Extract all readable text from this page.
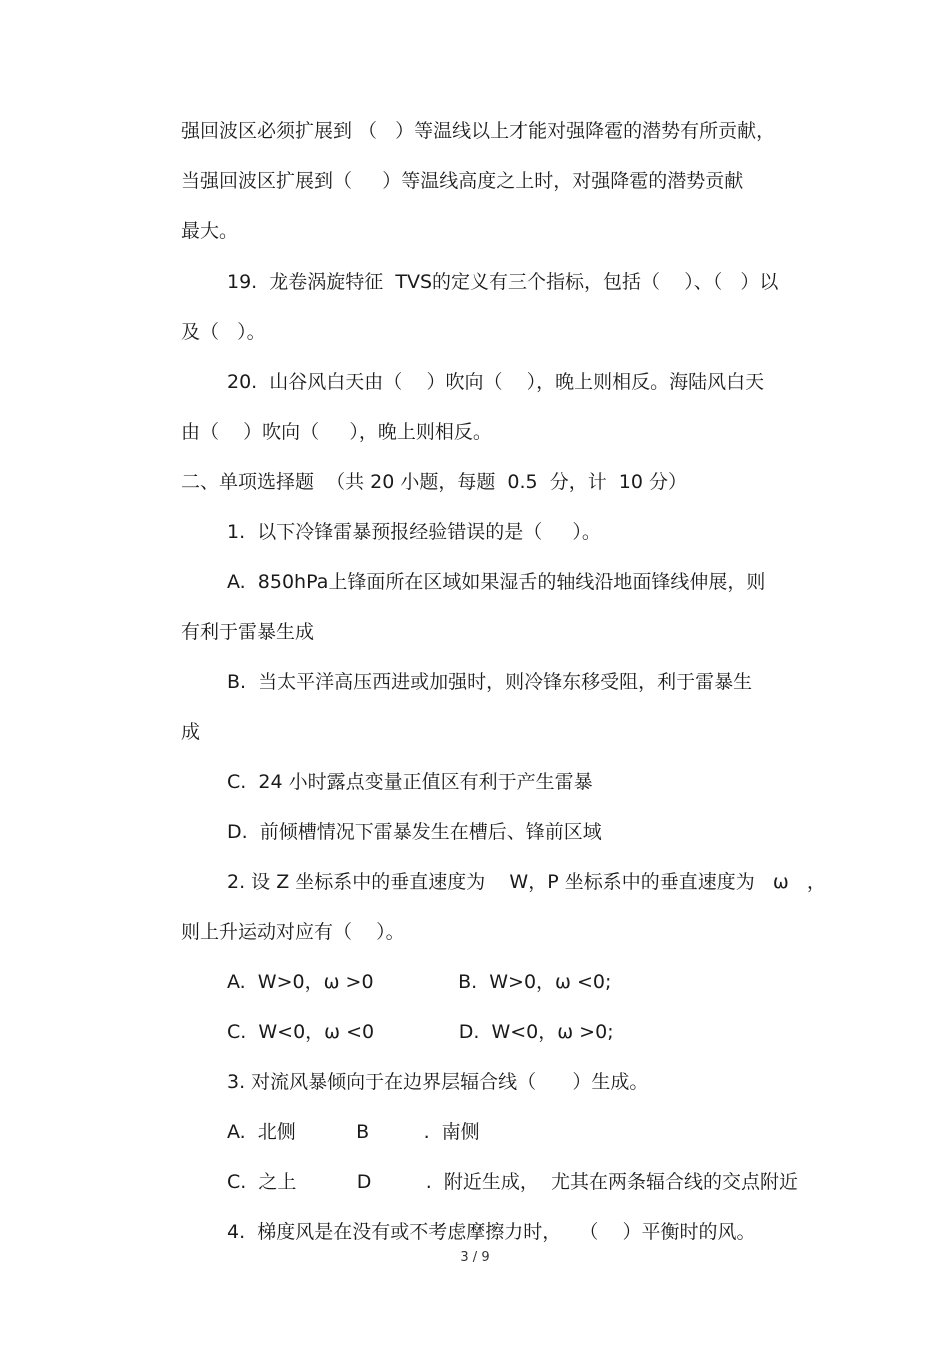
强回波区必须扩展到 （   ）等温线以上才能对强降雹的潜势有所贡献，
当强回波区扩展到（     ）等温线高度之上时，对强降雹的潜势贡献
最大。
19.  龙卷涡旋特征  TVS的定义有三个指标，包括（    ）、（   ）以
及（   ）。
20.  山谷风白天由（    ）吹向（    ），晚上则相反。海陆风白天
由（    ）吹向（     ），晚上则相反。
二、单项选择题  （共 20 小题，每题  0.5  分，计  10 分）
1.  以下冷锋雷暴预报经验错误的是（     ）。
A.  850hPa上锋面所在区域如果湿舌的轴线沿地面锋线伸展，则
有利于雷暴生成
B.  当太平洋高压西进或加强时，则冷锋东移受阻，利于雷暴生
成
C.  24 小时露点变量正值区有利于产生雷暴
D.  前倾槽情况下雷暴发生在槽后、锋前区域
2. 设 Z 坐标系中的垂直速度为    W，P 坐标系中的垂直速度为   ω   ，
则上升运动对应有（    ）。
A.  W>0，ω >0              B.  W>0，ω <0;
C.  W<0，ω <0              D.  W<0，ω >0;
3. 对流风暴倾向于在边界层辐合线（      ）生成。
A.  北侧          B         .  南侧
C.  之上          D         .  附近生成，  尤其在两条辐合线的交点附近
4.  梯度风是在没有或不考虑摩擦力时，   （    ）平衡时的风。
3 / 9
